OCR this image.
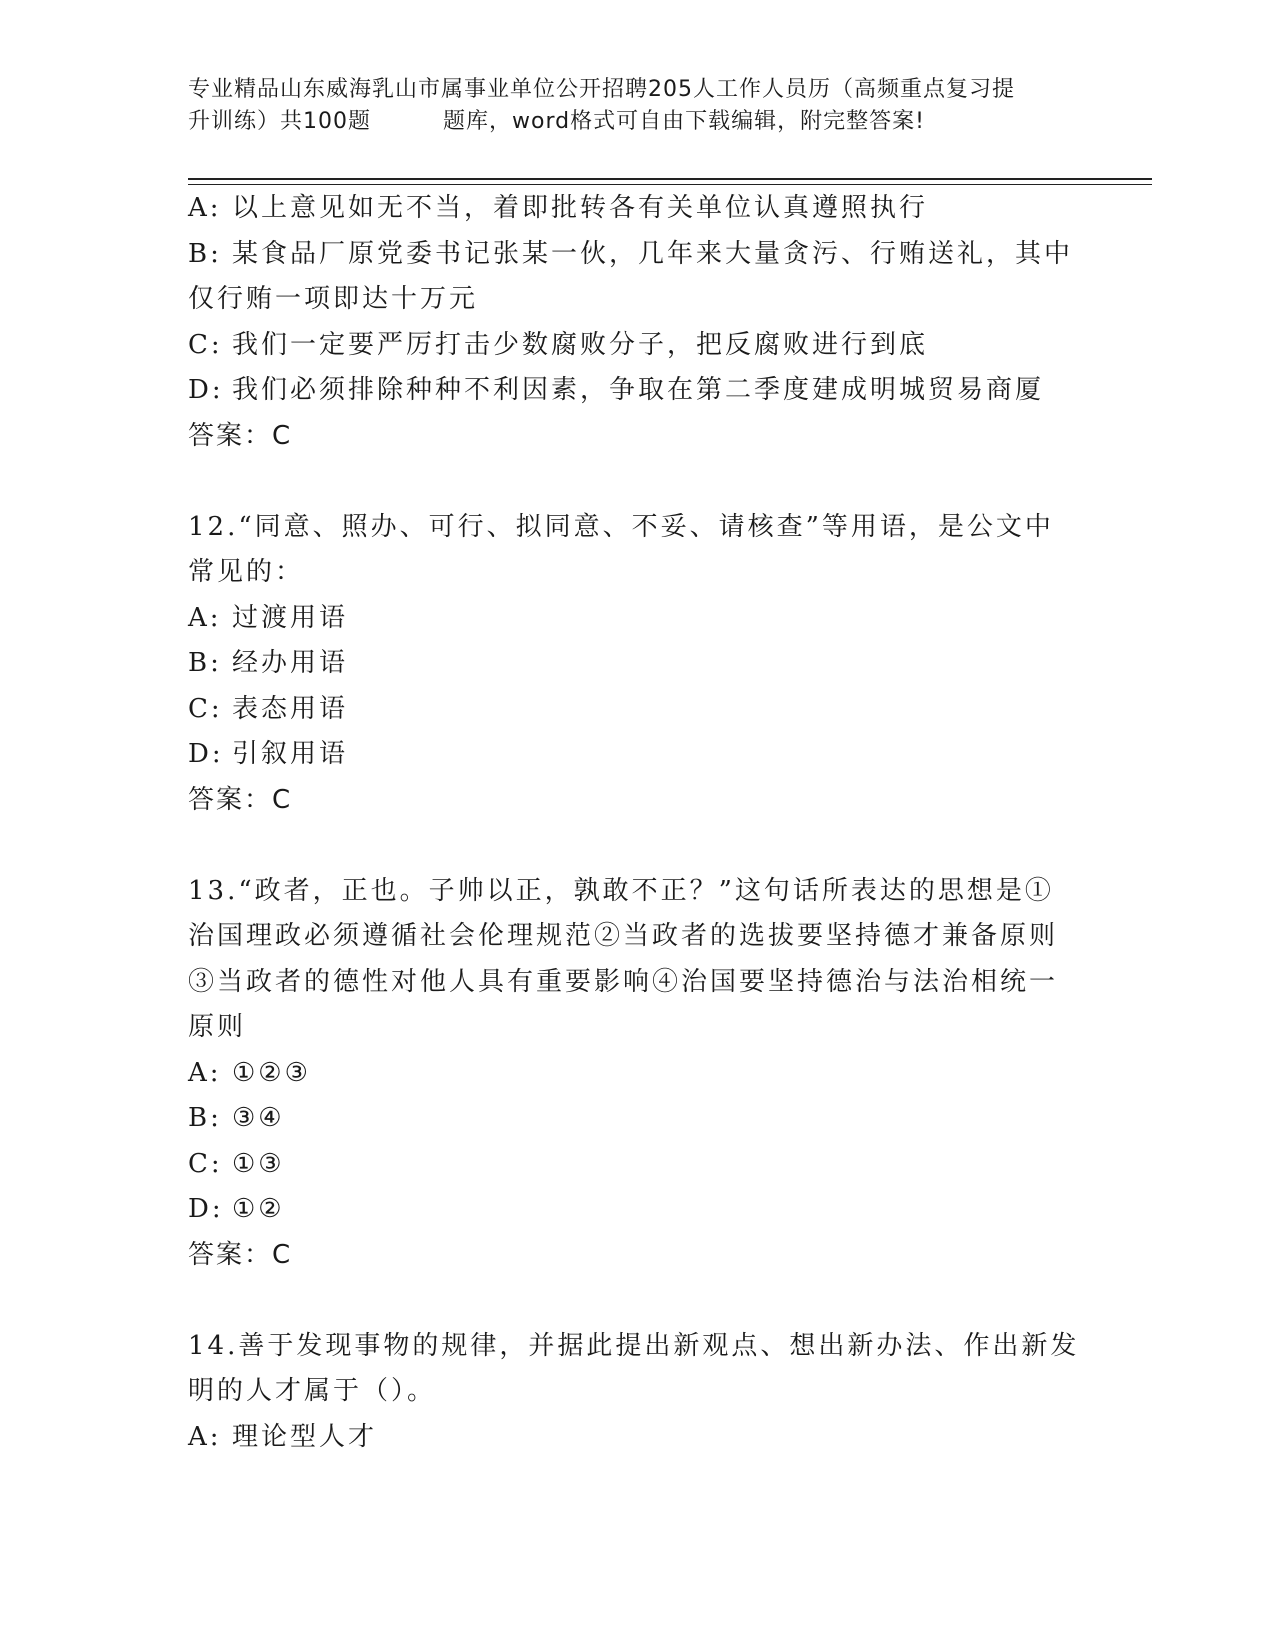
专业精品山东威海乳山市属事业单位公开招聘205人工作人员历（高频重点复习提
升训练）共100题	题库，word格式可自由下载编辑，附完整答案!
A: 以上意见如无不当，着即批转各有关单位认真遵照执行
B: 某食品厂原党委书记张某一伙，几年来大量贪污、行贿送礼，其中
仅行贿一项即达十万元
C: 我们一定要严厉打击少数腐败分子，把反腐败进行到底
D: 我们必须排除种种不利因素，争取在第二季度建成明城贸易商厦
答案：C
12.“同意、照办、可行、拟同意、不妥、请核查”等用语，是公文中
常见的：
A: 过渡用语
B: 经办用语
C: 表态用语
D: 引叙用语
答案：C
13.“政者，正也。子帅以正，孰敢不正？”这句话所表达的思想是①
治国理政必须遵循社会伦理规范②当政者的选拔要坚持德才兼备原则
③当政者的德性对他人具有重要影响④治国要坚持德治与法治相统一
原则
A: ①②③
B: ③④
C: ①③
D: ①②
答案：C
14.善于发现事物的规律，并据此提出新观点、想出新办法、作出新发
明的人才属于（）。
A: 理论型人才
